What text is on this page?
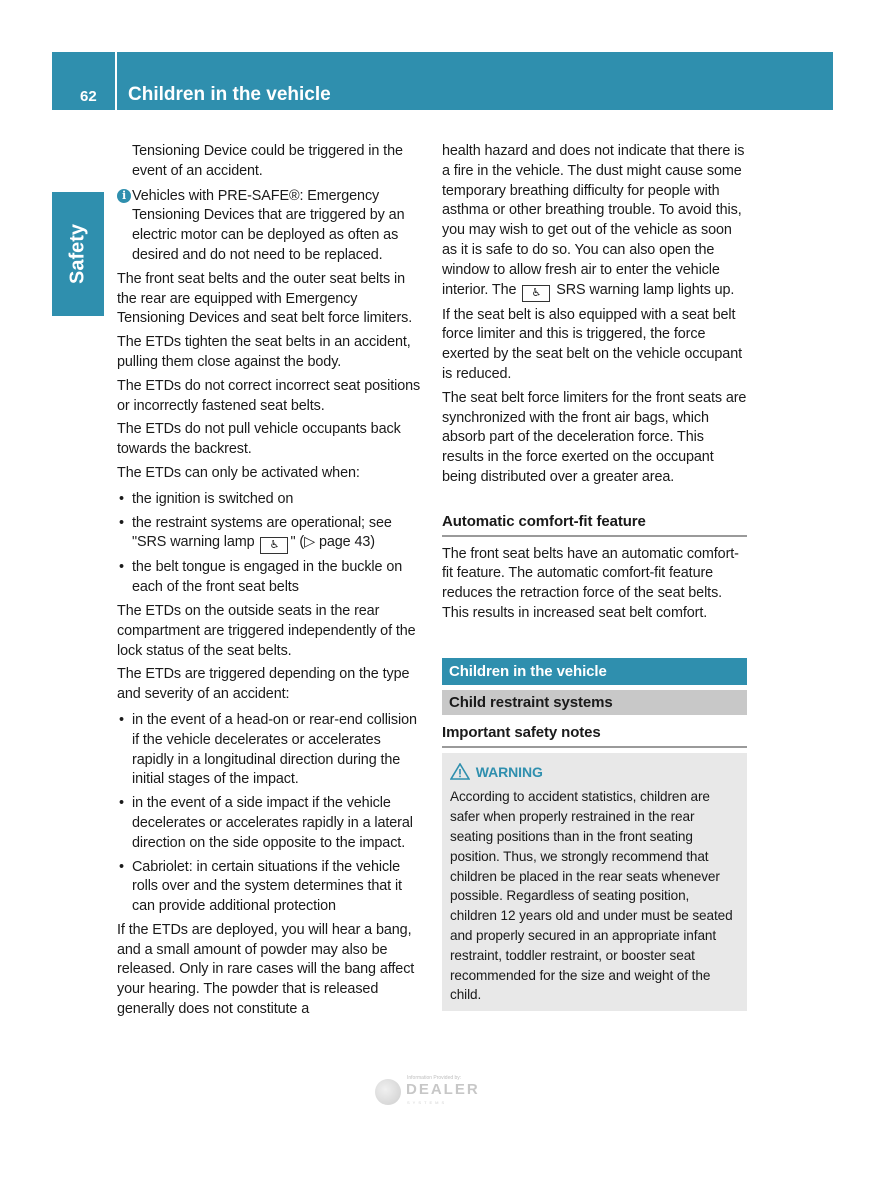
62 Children in the vehicle
Safety

Tensioning Device could be triggered in the event of an accident.

i Vehicles with PRE-SAFE®: Emergency Tensioning Devices that are triggered by an electric motor can be deployed as often as desired and do not need to be replaced.

The front seat belts and the outer seat belts in the rear are equipped with Emergency Tensioning Devices and seat belt force limiters.

The ETDs tighten the seat belts in an accident, pulling them close against the body.

The ETDs do not correct incorrect seat positions or incorrectly fastened seat belts.

The ETDs do not pull vehicle occupants back towards the backrest.

The ETDs can only be activated when:

• the ignition is switched on
• the restraint systems are operational; see "SRS warning lamp ♿ " (▷ page 43)
• the belt tongue is engaged in the buckle on each of the front seat belts

The ETDs on the outside seats in the rear compartment are triggered independently of the lock status of the seat belts.

The ETDs are triggered depending on the type and severity of an accident:

• in the event of a head-on or rear-end collision if the vehicle decelerates or accelerates rapidly in a longitudinal direction during the initial stages of the impact.
• in the event of a side impact if the vehicle decelerates or accelerates rapidly in a lateral direction on the side opposite to the impact.
• Cabriolet: in certain situations if the vehicle rolls over and the system determines that it can provide additional protection

If the ETDs are deployed, you will hear a bang, and a small amount of powder may also be released. Only in rare cases will the bang affect your hearing. The powder that is released generally does not constitute a

health hazard and does not indicate that there is a fire in the vehicle. The dust might cause some temporary breathing difficulty for people with asthma or other breathing trouble. To avoid this, you may wish to get out of the vehicle as soon as it is safe to do so. You can also open the window to allow fresh air to enter the vehicle interior. The ♿ SRS warning lamp lights up.

If the seat belt is also equipped with a seat belt force limiter and this is triggered, the force exerted by the seat belt on the vehicle occupant is reduced.

The seat belt force limiters for the front seats are synchronized with the front air bags, which absorb part of the deceleration force. This results in the force exerted on the occupant being distributed over a greater area.

Automatic comfort-fit feature

The front seat belts have an automatic comfort-fit feature. The automatic comfort-fit feature reduces the retraction force of the seat belts. This results in increased seat belt comfort.

Children in the vehicle
Child restraint systems

Important safety notes

WARNING
According to accident statistics, children are safer when properly restrained in the rear seating positions than in the front seating position. Thus, we strongly recommend that children be placed in the rear seats whenever possible. Regardless of seating position, children 12 years old and under must be seated and properly secured in an appropriate infant restraint, toddler restraint, or booster seat recommended for the size and weight of the child.
Information Provided by:
DEALER
SYSTEMS
